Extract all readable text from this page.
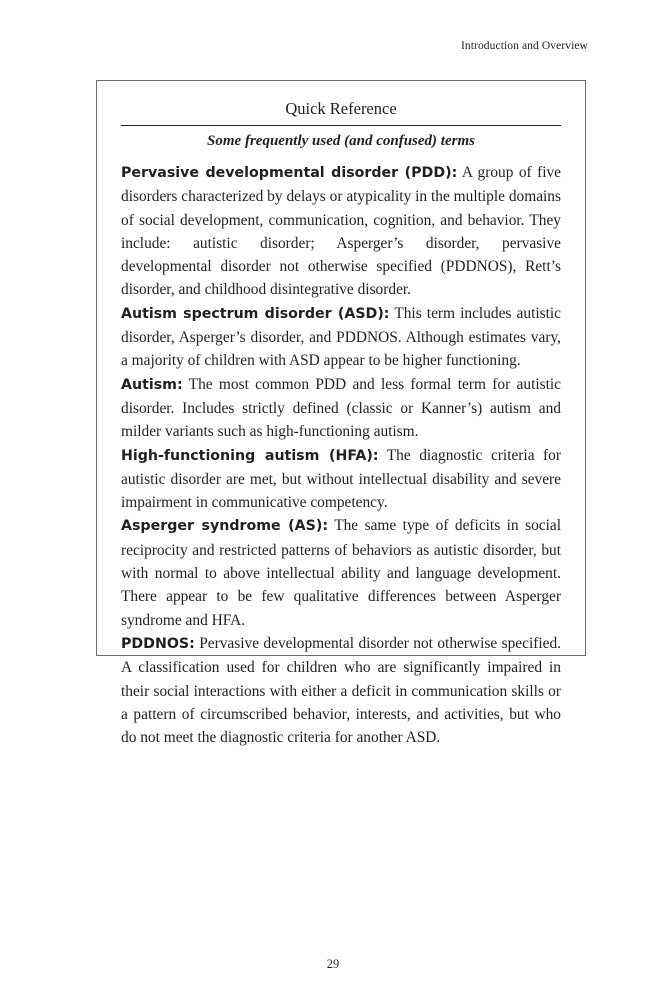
Introduction and Overview
Quick Reference
Some frequently used (and confused) terms

Pervasive developmental disorder (PDD): A group of five disorders characterized by delays or atypicality in the multiple domains of social development, communication, cognition, and behavior. They include: autistic disorder; Asperger’s disorder, pervasive developmental disorder not otherwise specified (PDDNOS), Rett’s disorder, and childhood disintegrative disorder.

Autism spectrum disorder (ASD): This term includes autistic disorder, Asperger’s disorder, and PDDNOS. Although estimates vary, a majority of children with ASD appear to be higher functioning.

Autism: The most common PDD and less formal term for autistic disorder. Includes strictly defined (classic or Kanner’s) autism and milder variants such as high-functioning autism.

High-functioning autism (HFA): The diagnostic criteria for autistic disorder are met, but without intellectual disability and severe impairment in communicative competency.

Asperger syndrome (AS): The same type of deficits in social reciprocity and restricted patterns of behaviors as autistic disorder, but with normal to above intellectual ability and language development. There appear to be few qualitative differences between Asperger syndrome and HFA.

PDDNOS: Pervasive developmental disorder not otherwise specified. A classification used for children who are significantly impaired in their social interactions with either a deficit in communication skills or a pattern of circumscribed behavior, interests, and activities, but who do not meet the diagnostic criteria for another ASD.

29
